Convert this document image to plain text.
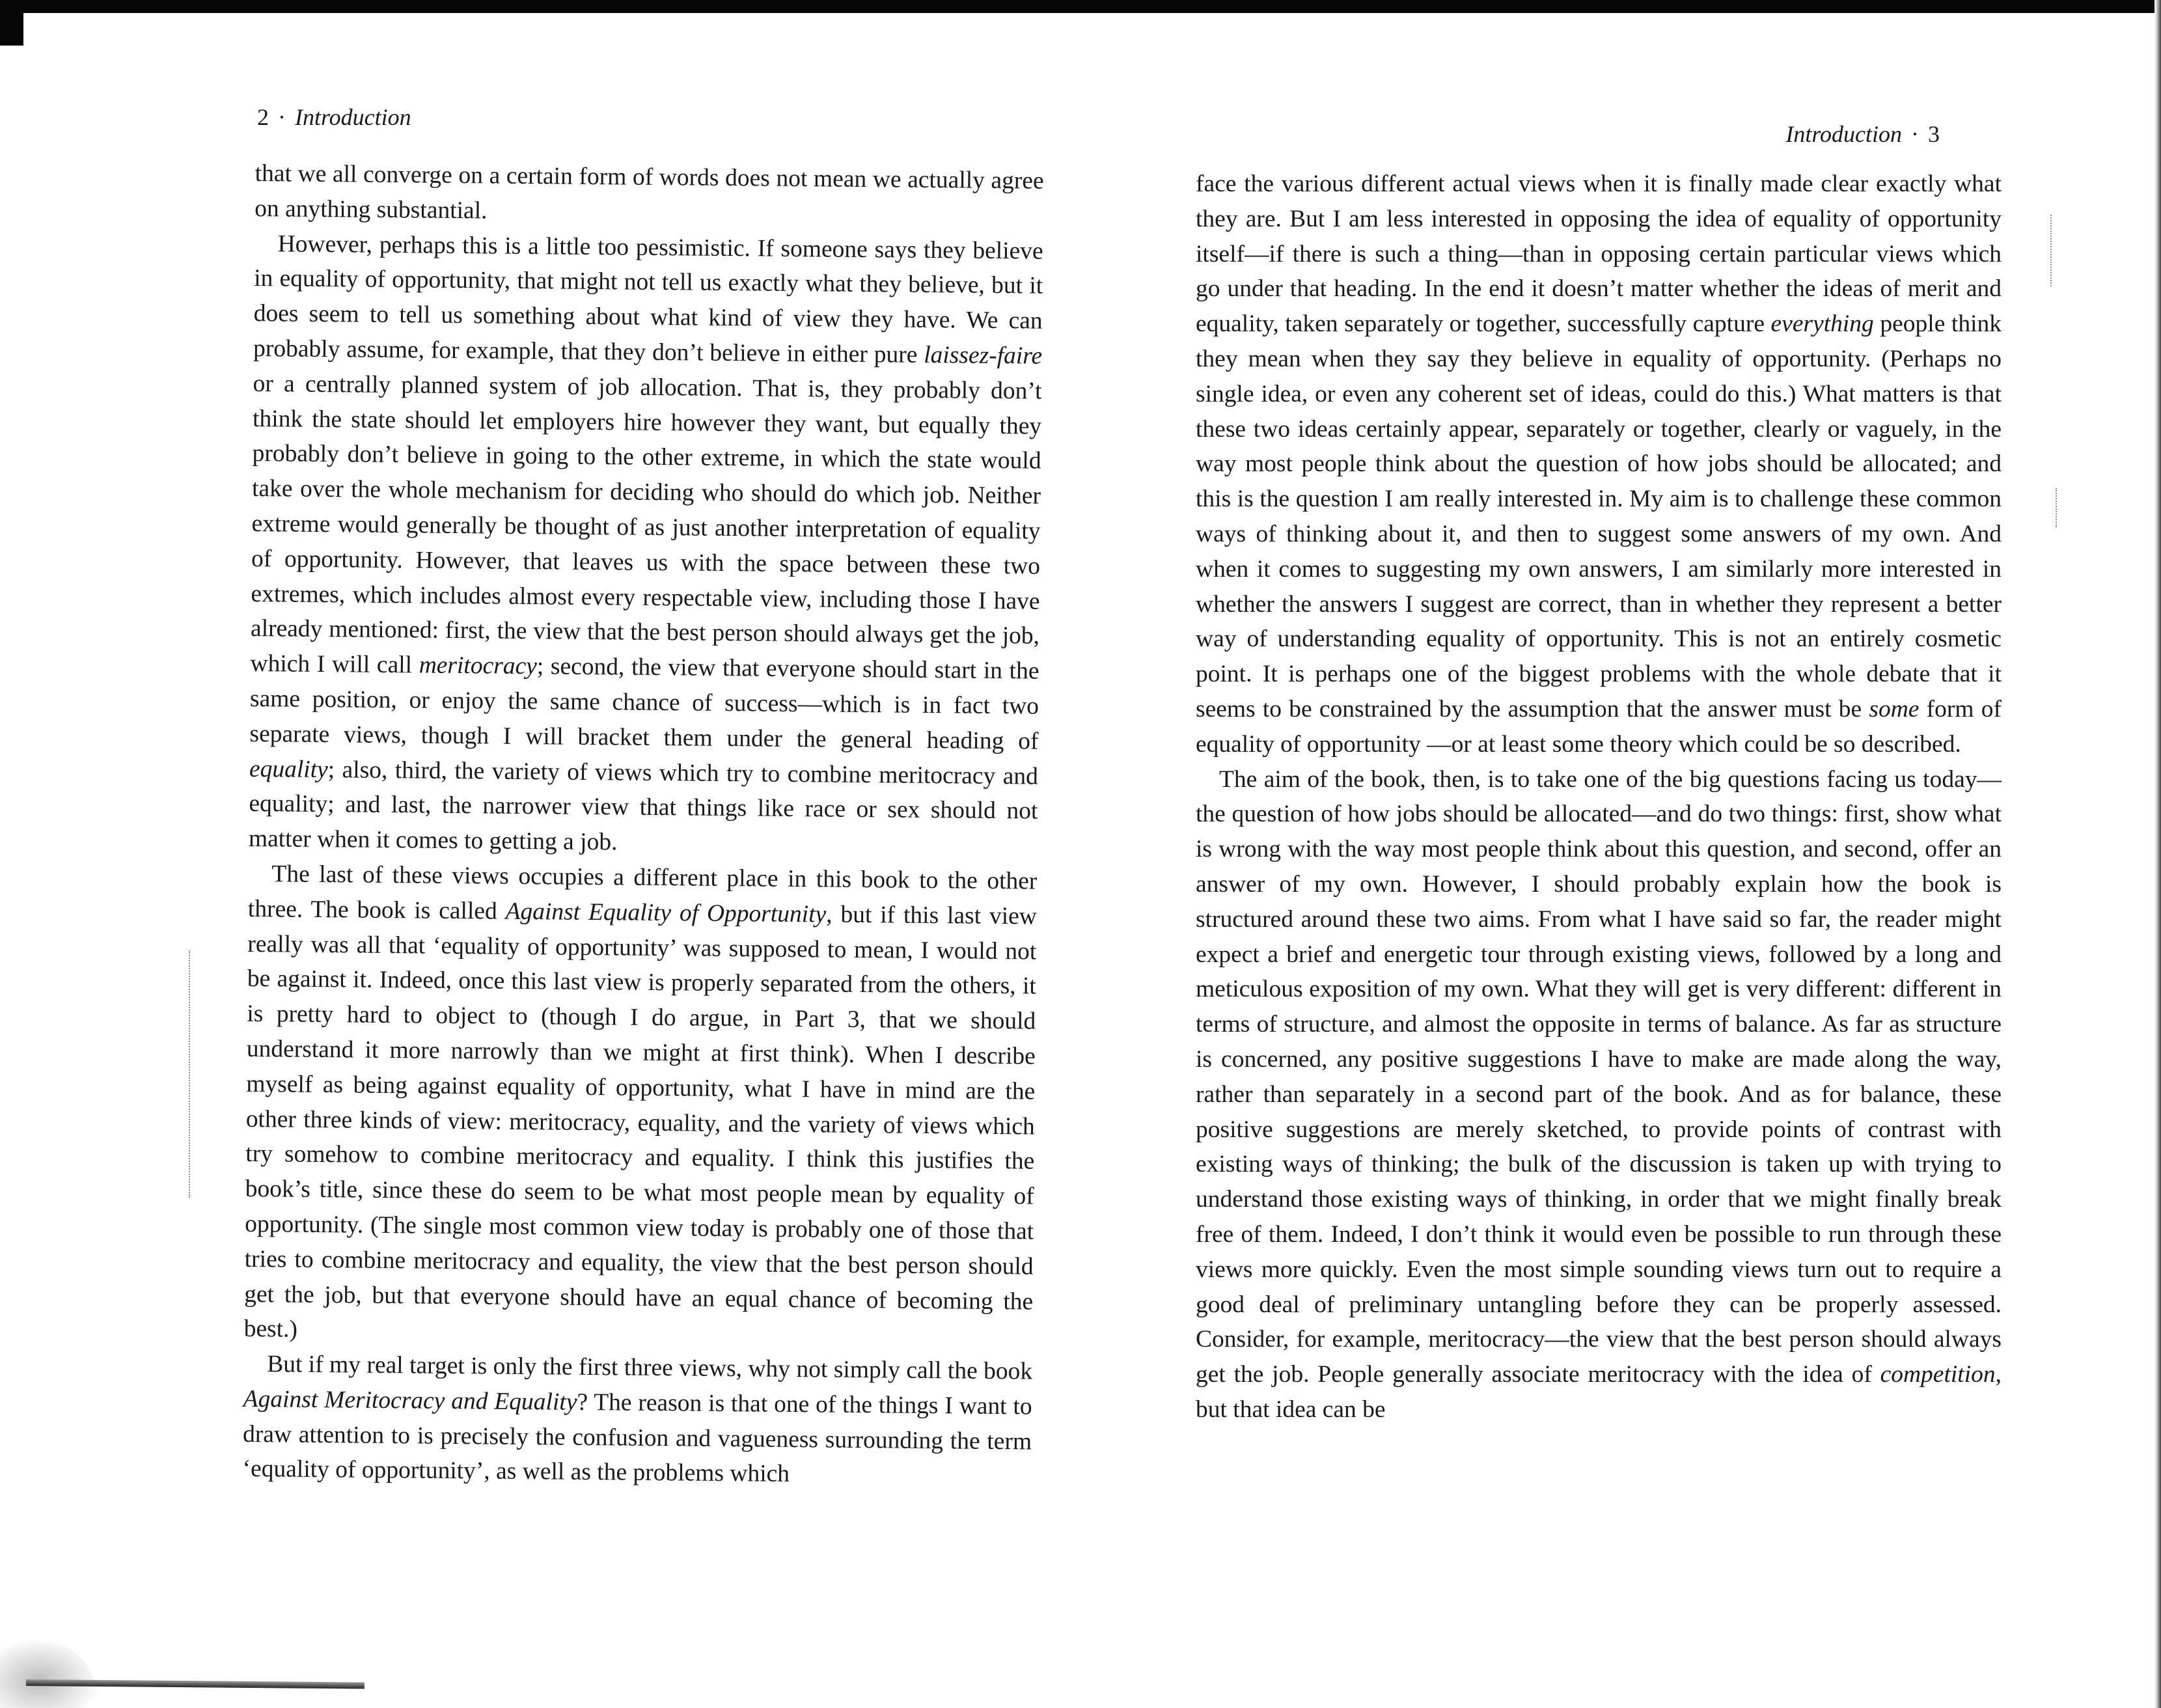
2 · Introduction

that we all converge on a certain form of words does not mean we actually agree on anything substantial.

However, perhaps this is a little too pessimistic. If someone says they believe in equality of opportunity, that might not tell us exactly what they believe, but it does seem to tell us something about what kind of view they have. We can probably assume, for example, that they don’t believe in either pure laissez-faire or a centrally planned system of job allocation. That is, they probably don’t think the state should let employers hire however they want, but equally they probably don’t believe in going to the other extreme, in which the state would take over the whole mechanism for deciding who should do which job. Neither extreme would generally be thought of as just another interpretation of equality of opportunity. However, that leaves us with the space between these two extremes, which includes almost every respectable view, including those I have already mentioned: first, the view that the best person should always get the job, which I will call meritocracy; second, the view that everyone should start in the same position, or enjoy the same chance of success—which is in fact two separate views, though I will bracket them under the general heading of equality; also, third, the variety of views which try to combine meritocracy and equality; and last, the narrower view that things like race or sex should not matter when it comes to getting a job.

The last of these views occupies a different place in this book to the other three. The book is called Against Equality of Opportunity, but if this last view really was all that ‘equality of opportunity’ was supposed to mean, I would not be against it. Indeed, once this last view is properly separated from the others, it is pretty hard to object to (though I do argue, in Part 3, that we should understand it more narrowly than we might at first think). When I describe myself as being against equality of opportunity, what I have in mind are the other three kinds of view: meritocracy, equality, and the variety of views which try somehow to combine meritocracy and equality. I think this justifies the book’s title, since these do seem to be what most people mean by equality of opportunity. (The single most common view today is probably one of those that tries to combine meritocracy and equality, the view that the best person should get the job, but that everyone should have an equal chance of becoming the best.)

But if my real target is only the first three views, why not simply call the book Against Meritocracy and Equality? The reason is that one of the things I want to draw attention to is precisely the confusion and vagueness surrounding the term ‘equality of opportunity’, as well as the problems which

Introduction · 3

face the various different actual views when it is finally made clear exactly what they are. But I am less interested in opposing the idea of equality of opportunity itself—if there is such a thing—than in opposing certain particular views which go under that heading. In the end it doesn’t matter whether the ideas of merit and equality, taken separately or together, successfully capture everything people think they mean when they say they believe in equality of opportunity. (Perhaps no single idea, or even any coherent set of ideas, could do this.) What matters is that these two ideas certainly appear, separately or together, clearly or vaguely, in the way most people think about the question of how jobs should be allocated; and this is the question I am really interested in. My aim is to challenge these common ways of thinking about it, and then to suggest some answers of my own. And when it comes to suggesting my own answers, I am similarly more interested in whether the answers I suggest are correct, than in whether they represent a better way of understanding equality of opportunity. This is not an entirely cosmetic point. It is perhaps one of the biggest problems with the whole debate that it seems to be constrained by the assumption that the answer must be some form of equality of opportunity —or at least some theory which could be so described.

The aim of the book, then, is to take one of the big questions facing us today—the question of how jobs should be allocated—and do two things: first, show what is wrong with the way most people think about this question, and second, offer an answer of my own. However, I should probably explain how the book is structured around these two aims. From what I have said so far, the reader might expect a brief and energetic tour through existing views, followed by a long and meticulous exposition of my own. What they will get is very different: different in terms of structure, and almost the opposite in terms of balance. As far as structure is concerned, any positive suggestions I have to make are made along the way, rather than separately in a second part of the book. And as for balance, these positive suggestions are merely sketched, to provide points of contrast with existing ways of thinking; the bulk of the discussion is taken up with trying to understand those existing ways of thinking, in order that we might finally break free of them. Indeed, I don’t think it would even be possible to run through these views more quickly. Even the most simple sounding views turn out to require a good deal of preliminary untangling before they can be properly assessed. Consider, for example, meritocracy—the view that the best person should always get the job. People generally associate meritocracy with the idea of competition, but that idea can be
